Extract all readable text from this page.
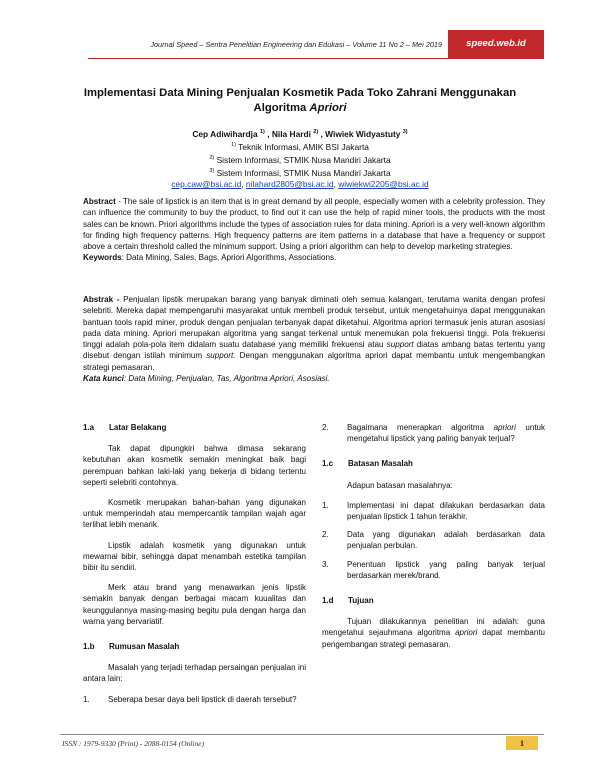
Journal Speed – Sentra Penelitian Engineering dan Edukasi – Volume 11 No 2 – Mei 2019	speed.web.id
Implementasi Data Mining Penjualan Kosmetik Pada Toko Zahrani Menggunakan Algoritma Apriori
Cep Adiwihardja $^{1)}$ , Nila Hardi $^{2)}$ , Wiwiek Widyastuty $^{3)}$
$^{1)}$ Teknik Informasi, AMIK BSI Jakarta
$^{2)}$ Sistem Informasi, STMIK Nusa Mandiri Jakarta
$^{3)}$ Sistem Informasi, STMIK Nusa Mandiri Jakarta
cep.caw@bsi.ac.id, nilahard2805@bsi.ac.id, wiwiekwi2205@bsi.ac.id
Abstract - The sale of lipstick is an item that is in great demand by all people, especially women with a celebrity profession. They can influence the community to buy the product, to find out it can use the help of rapid miner tools, the products with the most sales can be known. Priori algorithms include the types of association rules for data mining. Apriori is a very well-known algorithm for finding high frequency patterns. High frequency patterns are item patterns in a database that have a frequency or support above a certain threshold called the minimum support. Using a priori algorithm can help to develop marketing strategies.
Keywords: Data Mining, Sales, Bags, Apriori Algorithms, Associations.
Abstrak - Penjualan lipstik merupakan barang yang banyak diminati oleh semua kalangan, terutama wanita dengan profesi selebriti. Mereka dapat mempengaruhi masyarakat untuk membeli produk tersebut, untuk mengetahuinya dapat menggunakan bantuan tools rapid miner, produk dengan penjualan terbanyak dapat diketahui. Algoritma apriori termasuk jenis aturan asosiasi pada data mining. Apriori merupakan algoritma yang sangat terkenal untuk menemukan pola frekuensi tinggi. Pola frekuensi tinggi adalah pola-pola item didalam suatu database yang memiliki frekuensi atau support diatas ambang batas tertentu yang disebut dengan istilah minimum support. Dengan menggunakan algoritma apriori dapat membantu untuk mengembangkan strategi pemasaran.
Kata kunci: Data Mining, Penjualan, Tas, Algoritma Apriori, Asosiasi.
1.a	Latar Belakang
Tak dapat dipungkiri bahwa dimasa sekarang kebutuhan akan kosmetik semakin meningkat baik bagi perempuan bahkan laki-laki yang bekerja di bidang tertentu seperti selebriti contohnya.
Kosmetik merupakan bahan-bahan yang digunakan untuk memperindah atau mempercantik tampilan wajah agar terlihat lebih menarik.
Lipstik adalah kosmetik yang digunakan untuk mewarnai bibir, sehingga dapat menambah estetika tampilan bibir itu sendiri.
Merk atau brand yang menawarkan jenis lipstik semakin banyak dengan berbagai macam kuualitas dan keunggulannya masing-masing begitu pula dengan harga dan warna yang bervariatif.
1.b	Rumusan Masalah
Masalah yang terjadi terhadap persaingan penjualan ini antara lain:
1.	Seberapa besar daya beli lipstick di daerah tersebut?
2.	Bagaimana menerapkan algoritma apriori untuk mengetahui lipstick yang paling banyak terjual?
1.c	Batasan Masalah
Adapun batasan masalahnya:
1.	Implementasi ini dapat dilakukan berdasarkan data penjualan lipstick 1 tahun terakhir.
2.	Data yang digunakan adalah berdasarkan data penjualan perbulan.
3.	Penentuan lipstick yang paling banyak terjual berdasarkan merek/brand.
1.d	Tujuan
Tujuan dilakukannya penelitian ini adalah: guna mengetahui sejauhmana algoritma apriori dapat membantu pengembangan strategi pemasaran.
ISSN : 1979-9330 (Print) - 2088-0154 (Online)	1
